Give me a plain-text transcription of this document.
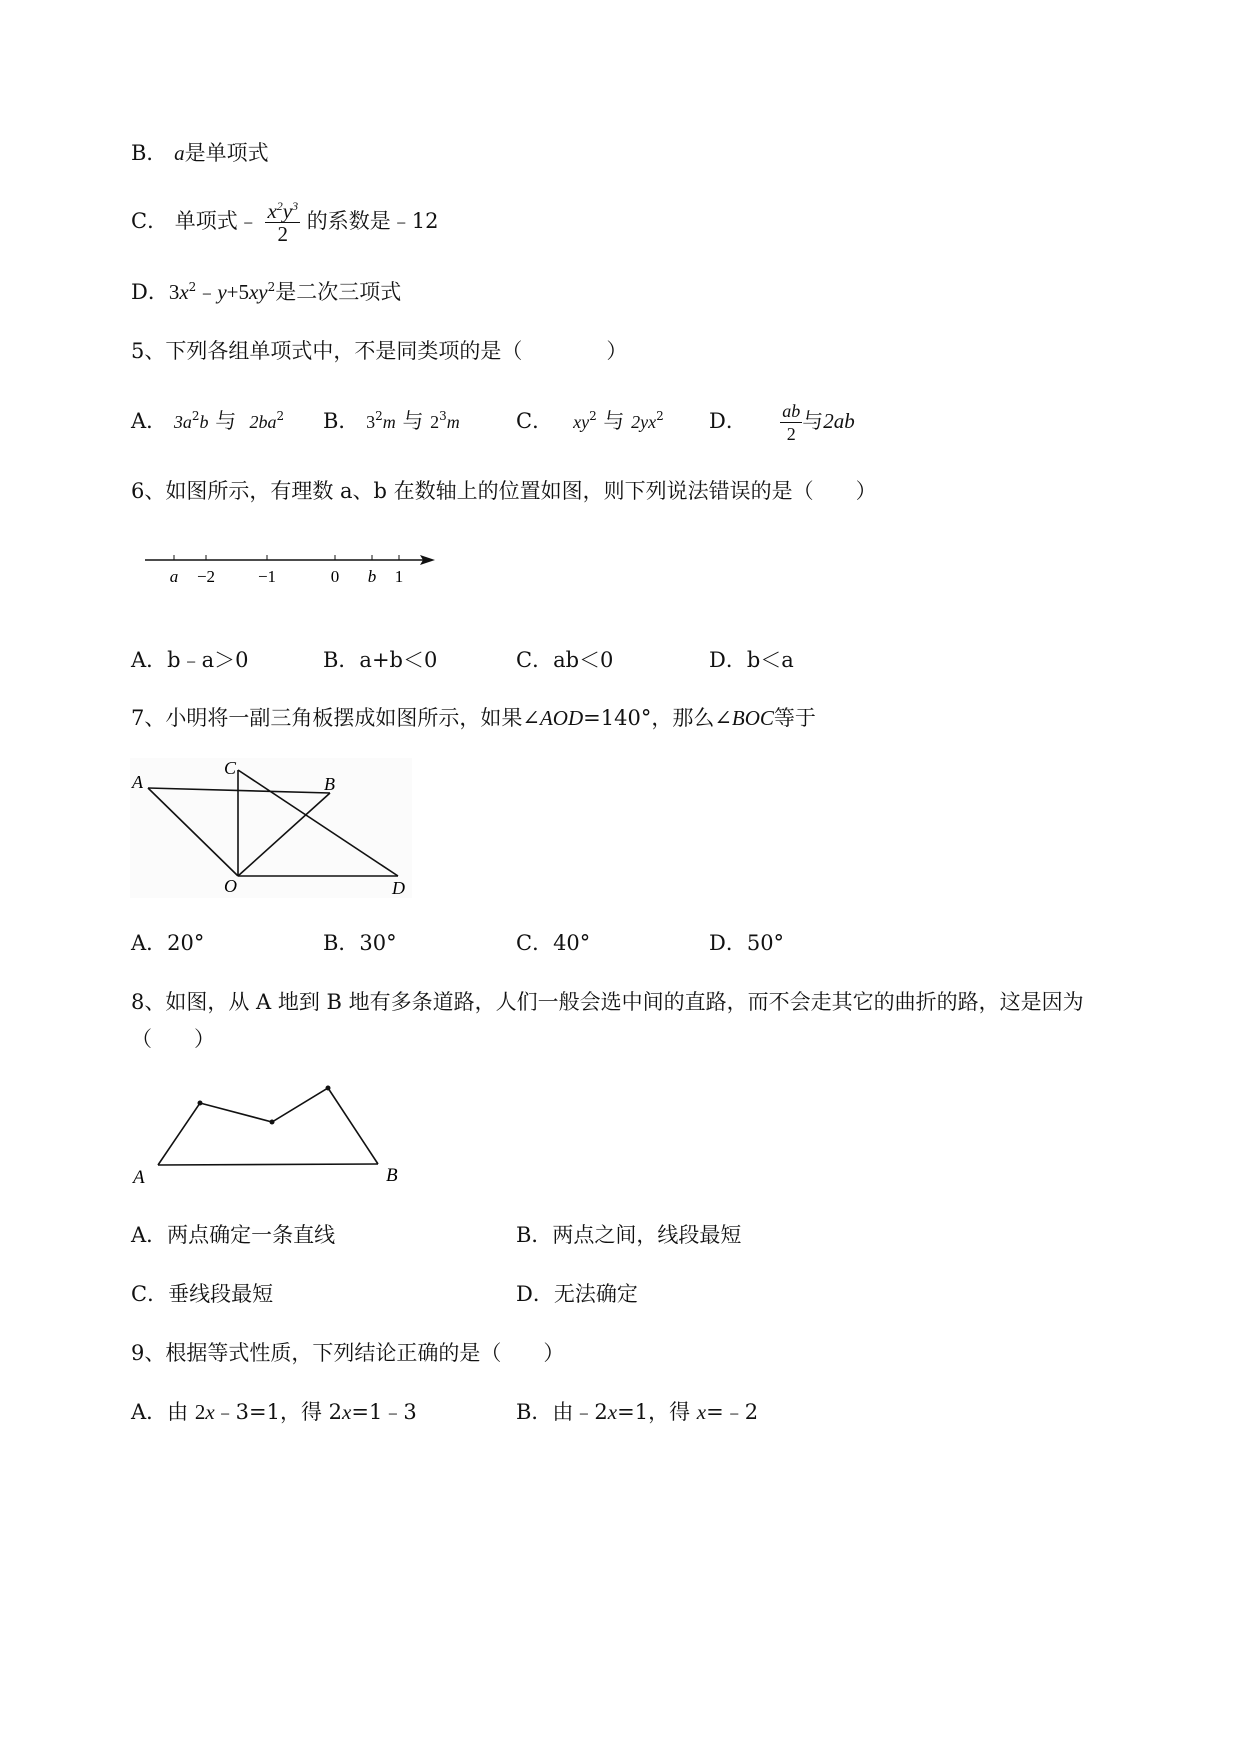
B． a是单项式
C． 单项式﹣ $\frac{x^2y^3}{2}$ 的系数是﹣12
D．$3x^2﹣y+5xy^2$是二次三项式
5、下列各组单项式中，不是同类项的是（　　　　）
A． $3a^2b$ 与 $2ba^2$ B． $3^2m$ 与 $2^3m$	C． $xy^2$ 与 $2yx^2$ D． $\frac{ab}{2}$ 与2ab
6、如图所示，有理数 a、b 在数轴上的位置如图，则下列说法错误的是（　　）
a −2	−1	0 b 1
A．b﹣a＞0	B．a+b＜0	C．ab＜0	D．b＜a
7、小明将一副三角板摆成如图所示，如果∠AOD=140°，那么∠BOC等于
A
C
B
O	D
A．20°	B．30°	C．40°	D．50°
8、如图，从 A 地到 B 地有多条道路，人们一般会选中间的直路，而不会走其它的曲折的路，这是因为
（　　）
A	B
A．两点确定一条直线	B．两点之间，线段最短
C．垂线段最短	D．无法确定
9、根据等式性质，下列结论正确的是（　　）
A．由 2x﹣3=1，得 2x=1﹣3	B．由﹣2x=1，得 x=﹣2
